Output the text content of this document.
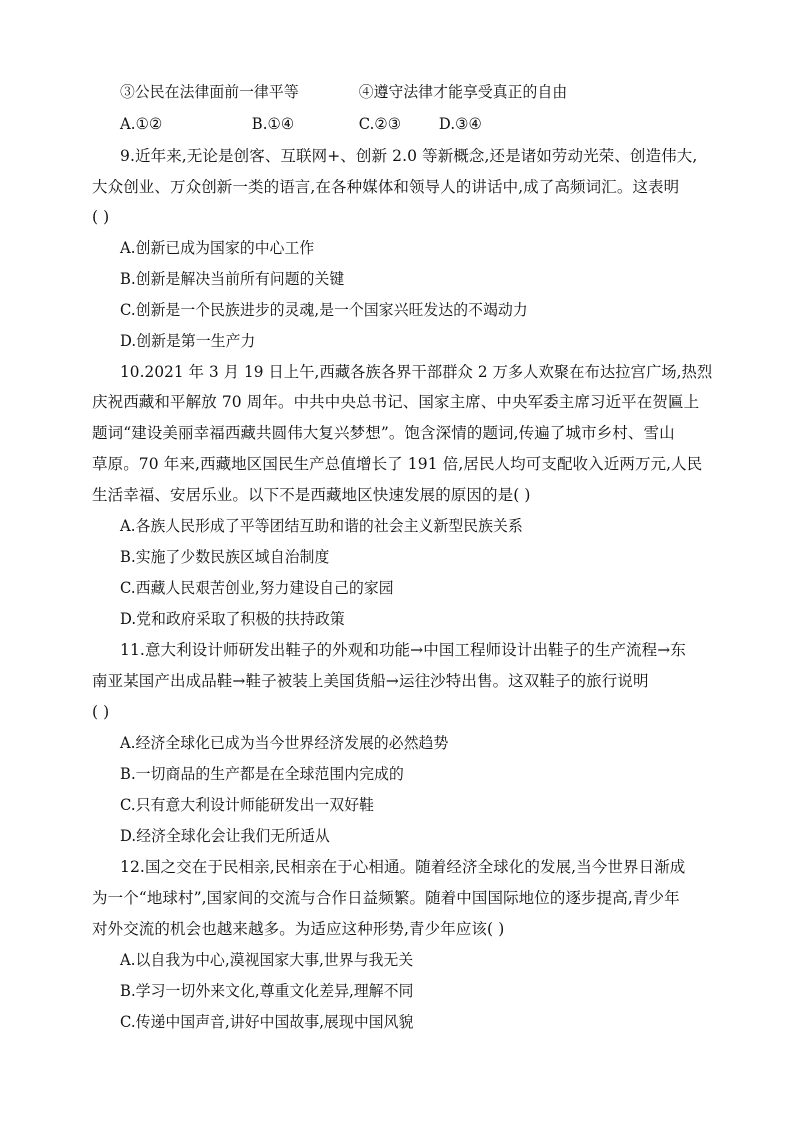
③公民在法律面前一律平等	④遵守法律才能享受真正的自由
A.①②	B.①④	C.②③ D.③④
9.近年来,无论是创客、互联网+、创新 2.0 等新概念,还是诸如劳动光荣、创造伟大,
大众创业、万众创新一类的语言,在各种媒体和领导人的讲话中,成了高频词汇。这表明
( )
A.创新已成为国家的中心工作
B.创新是解决当前所有问题的关键
C.创新是一个民族进步的灵魂,是一个国家兴旺发达的不竭动力
D.创新是第一生产力
10.2021 年 3 月 19 日上午,西藏各族各界干部群众 2 万多人欢聚在布达拉宫广场,热烈
庆祝西藏和平解放 70 周年。中共中央总书记、国家主席、中央军委主席习近平在贺匾上
题词“建设美丽幸福西藏共圆伟大复兴梦想”。饱含深情的题词,传遍了城市乡村、雪山
草原。70 年来,西藏地区国民生产总值增长了 191 倍,居民人均可支配收入近两万元,人民
生活幸福、安居乐业。以下不是西藏地区快速发展的原因的是( )
A.各族人民形成了平等团结互助和谐的社会主义新型民族关系
B.实施了少数民族区域自治制度
C.西藏人民艰苦创业,努力建设自己的家园
D.党和政府采取了积极的扶持政策
11.意大利设计师研发出鞋子的外观和功能→中国工程师设计出鞋子的生产流程→东
南亚某国产出成品鞋→鞋子被装上美国货船→运往沙特出售。这双鞋子的旅行说明
( )
A.经济全球化已成为当今世界经济发展的必然趋势
B.一切商品的生产都是在全球范围内完成的
C.只有意大利设计师能研发出一双好鞋
D.经济全球化会让我们无所适从
12.国之交在于民相亲,民相亲在于心相通。随着经济全球化的发展,当今世界日渐成
为一个“地球村”,国家间的交流与合作日益频繁。随着中国国际地位的逐步提高,青少年
对外交流的机会也越来越多。为适应这种形势,青少年应该( )
A.以自我为中心,漠视国家大事,世界与我无关
B.学习一切外来文化,尊重文化差异,理解不同
C.传递中国声音,讲好中国故事,展现中国风貌
